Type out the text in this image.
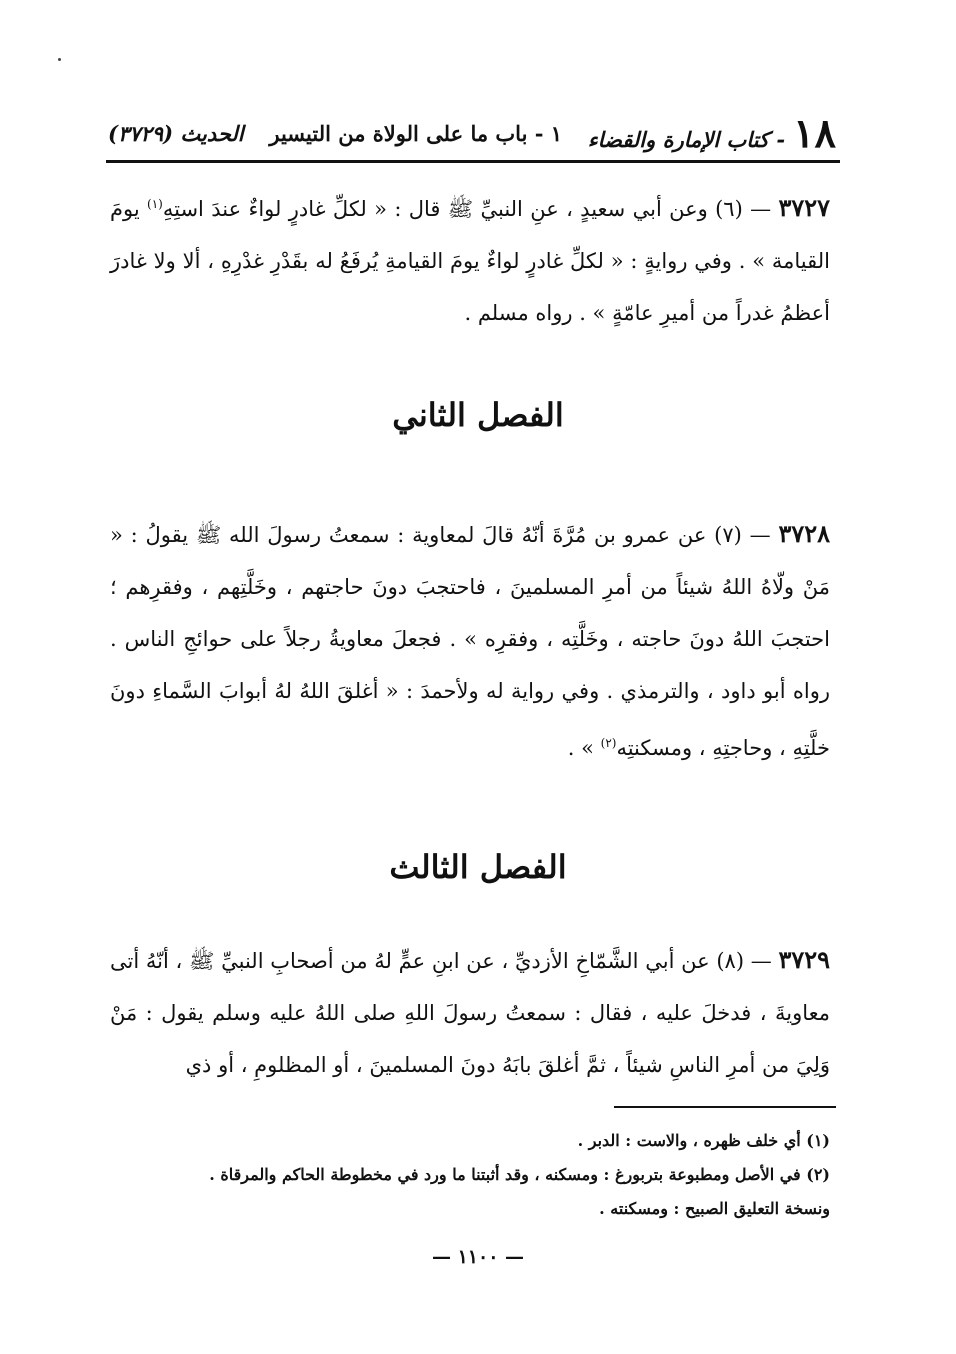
١٨
- كتاب الإمارة والقضاء
١ - باب ما على الولاة من التيسير
الحديث (٣٧٢٩)

٣٧٢٧ — (٦) وعن أبي سعيدٍ ، عنِ النبيِّ ﷺ قال : « لكلِّ غادرٍ لواءٌ عندَ استِهِ$^{(١)}$ يومَ القيامة » . وفي روايةٍ : « لكلِّ غادرٍ لواءٌ يومَ القيامةِ يُرفَعُ له بقَدْرِ غدْرِهِ ، ألا ولا غادرَ أعظمُ غدراً من أميرِ عامّةٍ » . رواه مسلم .

الفصل الثاني

٣٧٢٨ — (٧) عن عمرو بن مُرَّةَ أنّهُ قالَ لمعاوية : سمعتُ رسولَ الله ﷺ يقولُ : « مَنْ ولّاهُ اللهُ شيئاً من أمرِ المسلمينَ ، فاحتجبَ دونَ حاجتهم ، وخَلَّتِهم ، وفقرِهم ؛ احتجبَ اللهُ دونَ حاجته ، وخَلَّتِه ، وفقرِه » . فجعلَ معاويةُ رجلاً على حوائجِ الناس . رواه أبو داود ، والترمذي . وفي رواية له ولأحمدَ : « أغلقَ اللهُ لهُ أبوابَ السَّماءِ دونَ خلَّتِهِ ، وحاجتِهِ ، ومسكنتِه$^{(٢)}$ » .

الفصل الثالث

٣٧٢٩ — (٨) عن أبي الشَّمّاخِ الأزديِّ ، عن ابنِ عمٍّ لهُ من أصحابِ النبيِّ ﷺ ، أنّهُ أتى معاويةَ ، فدخلَ عليه ، فقال : سمعتُ رسولَ اللهِ صلى اللهُ عليه وسلم يقول : مَنْ وَلِيَ من أمرِ الناسِ شيئاً ، ثمَّ أغلقَ بابَهُ دونَ المسلمينَ ، أو المظلومِ ، أو ذي

(١) أي خلف ظهره ، والاست : الدبر .
(٢) في الأصل ومطبوعة بتربورغ : ومسكنه ، وقد أثبتنا ما ورد في مخطوطة الحاكم والمرقاة .
ونسخة التعليق الصبيح : ومسكنته .
— ١١٠٠ —
